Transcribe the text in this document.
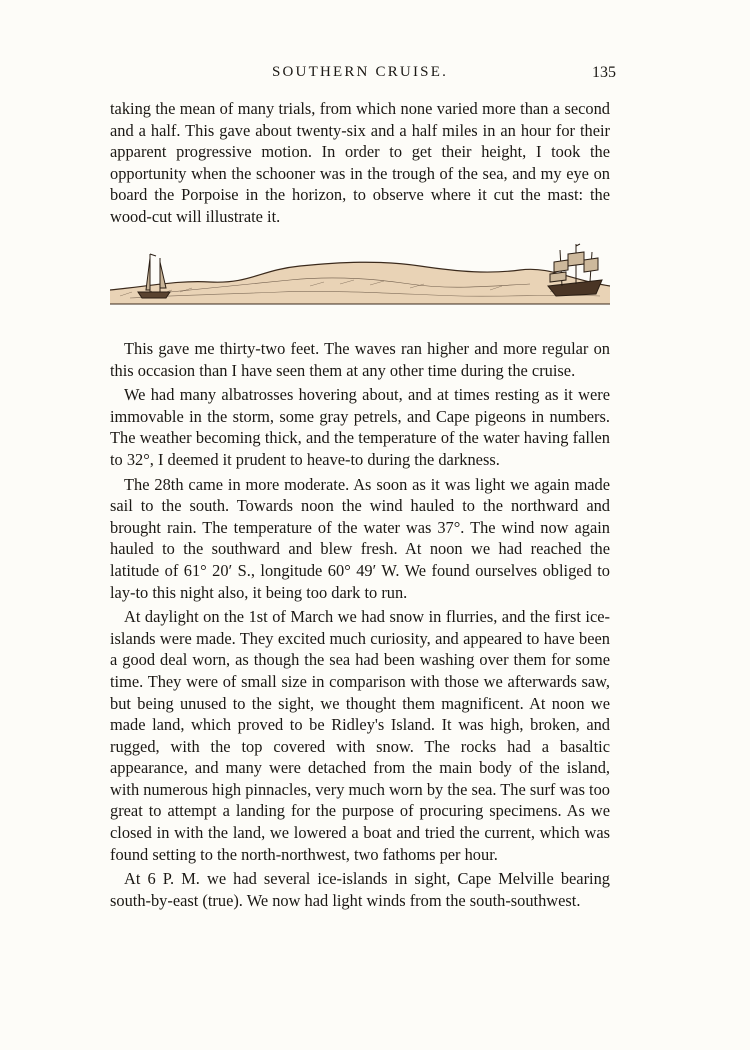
SOUTHERN CRUISE.	135

taking the mean of many trials, from which none varied more than a second and a half. This gave about twenty-six and a half miles in an hour for their apparent progressive motion. In order to get their height, I took the opportunity when the schooner was in the trough of the sea, and my eye on board the Porpoise in the horizon, to observe where it cut the mast: the wood-cut will illustrate it.

This gave me thirty-two feet. The waves ran higher and more regular on this occasion than I have seen them at any other time during the cruise.

We had many albatrosses hovering about, and at times resting as it were immovable in the storm, some gray petrels, and Cape pigeons in numbers. The weather becoming thick, and the temperature of the water having fallen to 32°, I deemed it prudent to heave-to during the darkness.

The 28th came in more moderate. As soon as it was light we again made sail to the south. Towards noon the wind hauled to the northward and brought rain. The temperature of the water was 37°. The wind now again hauled to the southward and blew fresh. At noon we had reached the latitude of 61° 20′ S., longitude 60° 49′ W. We found ourselves obliged to lay-to this night also, it being too dark to run.

At daylight on the 1st of March we had snow in flurries, and the first ice-islands were made. They excited much curiosity, and appeared to have been a good deal worn, as though the sea had been washing over them for some time. They were of small size in comparison with those we afterwards saw, but being unused to the sight, we thought them magnificent. At noon we made land, which proved to be Ridley's Island. It was high, broken, and rugged, with the top covered with snow. The rocks had a basaltic appearance, and many were detached from the main body of the island, with numerous high pinnacles, very much worn by the sea. The surf was too great to attempt a landing for the purpose of procuring specimens. As we closed in with the land, we lowered a boat and tried the current, which was found setting to the north-northwest, two fathoms per hour.

At 6 P. M. we had several ice-islands in sight, Cape Melville bearing south-by-east (true). We now had light winds from the south-southwest.
